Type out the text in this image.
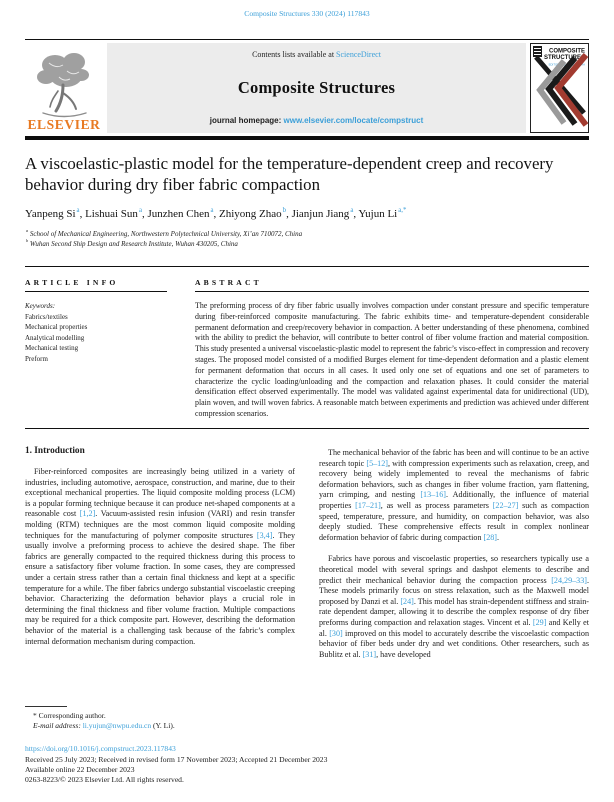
Composite Structures 330 (2024) 117843
ELSEVIER
Contents lists available at ScienceDirect
Composite Structures
journal homepage: www.elsevier.com/locate/compstruct
COMPOSITE
STRUCTURES
EDITOR: A. J. M. FERREIRA
A viscoelastic-plastic model for the temperature-dependent creep and recovery behavior during dry fiber fabric compaction
Yanpeng Si$^a$, Lishuai Sun$^a$, Junzhen Chen$^a$, Zhiyong Zhao$^b$, Jianjun Jiang$^a$, Yujun $Li^{a,*}$
$^a$ School of Mechanical Engineering, Northwestern Polytechnical University, Xi’an 710072, China
$^b$ Wuhan Second Ship Design and Research Institute, Wuhan 430205, China
ARTICLE INFO
Keywords:
Fabrics/textiles
Mechanical properties
Analytical modelling
Mechanical testing
Preform
ABSTRACT
The preforming process of dry fiber fabric usually involves compaction under constant pressure and specific temperature during fiber-reinforced composite manufacturing. The fabric exhibits time- and temperature-dependent considerable permanent deformation and creep/recovery behavior in compaction. A better understanding of these phenomena, combined with the ability to predict the behavior, will contribute to better control of fiber volume fraction and material composition. This study presented a universal viscoelastic-plastic model to represent the fabric’s visco-effect in compression and recovery stages. The proposed model consisted of a modified Burges element for time-dependent deformation and a plastic element for permanent deformation that occurs in all cases. It used only one set of equations and one set of parameters to characterize the cyclic loading/unloading and the compaction and relaxation phases. It could consider the material densification effect observed experimentally. The model was validated against experimental data for unidirectional (UD), plain woven, and twill woven fabrics. A reasonable match between experiments and prediction was achieved under different compression scenarios.
1. Introduction

Fiber-reinforced composites are increasingly being utilized in a variety of industries, including automotive, aerospace, construction, and marine, due to their exceptional mechanical properties. The liquid composite molding process (LCM) is a popular forming technique because it can produce net-shaped components at a reasonable cost [1,2]. Vacuum-assisted resin infusion (VARI) and resin transfer molding (RTM) techniques are the most common liquid composite molding techniques for the manufacturing of polymer composite structures [3,4]. They usually involve a preforming process to achieve the desired shape. The fiber fabrics are generally compacted to the required thickness during this process to ensure a satisfactory fiber volume fraction. In some cases, they are compressed under a certain stress rather than a certain final thickness and kept at a specific temperature for a while. The fiber fabrics undergo substantial viscoelastic creeping behavior. Characterizing the deformation behavior plays a crucial role in determining the final thickness and fiber volume fraction. Multiple compactions may be required for a thick composite part. However, describing the deformation behavior of the material is a challenging task because of the fabric’s complex internal deformation mechanism during compaction.

* Corresponding author.
E-mail address: li.yujun@nwpu.edu.cn (Y. Li).

The mechanical behavior of the fabric has been and will continue to be an active research topic [5–12], with compression experiments such as relaxation, creep, and recovery being widely implemented to reveal the mechanisms of fabric deformation behaviors, such as changes in fiber volume fraction, yarn flattening, yarn crimping, and nesting [13–16]. Additionally, the influence of material properties [17–21], as well as process parameters [22–27] such as compaction speed, temperature, pressure, and humidity, on compaction behavior, was also deeply studied. These comprehensive effects result in complex nonlinear deformation behavior of fabric during compaction [28].

Fabrics have porous and viscoelastic properties, so researchers typically use a theoretical model with several springs and dashpot elements to describe and predict their mechanical behavior during the compaction process [24,29–33]. These models primarily focus on stress relaxation, such as the Maxwell model proposed by Danzi et al. [24]. This model has strain-dependent stiffness and strain-rate dependent damper, allowing it to describe the complex response of dry fiber preforms during compaction and relaxation stages. Vincent et al. [29] and Kelly et al. [30] improved on this model to accurately describe the viscoelastic compaction behavior of fiber beds under dry and wet conditions. Other researchers, such as Bublitz et al. [31], have developed

https://doi.org/10.1016/j.compstruct.2023.117843
Received 25 July 2023; Received in revised form 17 November 2023; Accepted 21 December 2023
Available online 22 December 2023
0263-8223/© 2023 Elsevier Ltd. All rights reserved.
